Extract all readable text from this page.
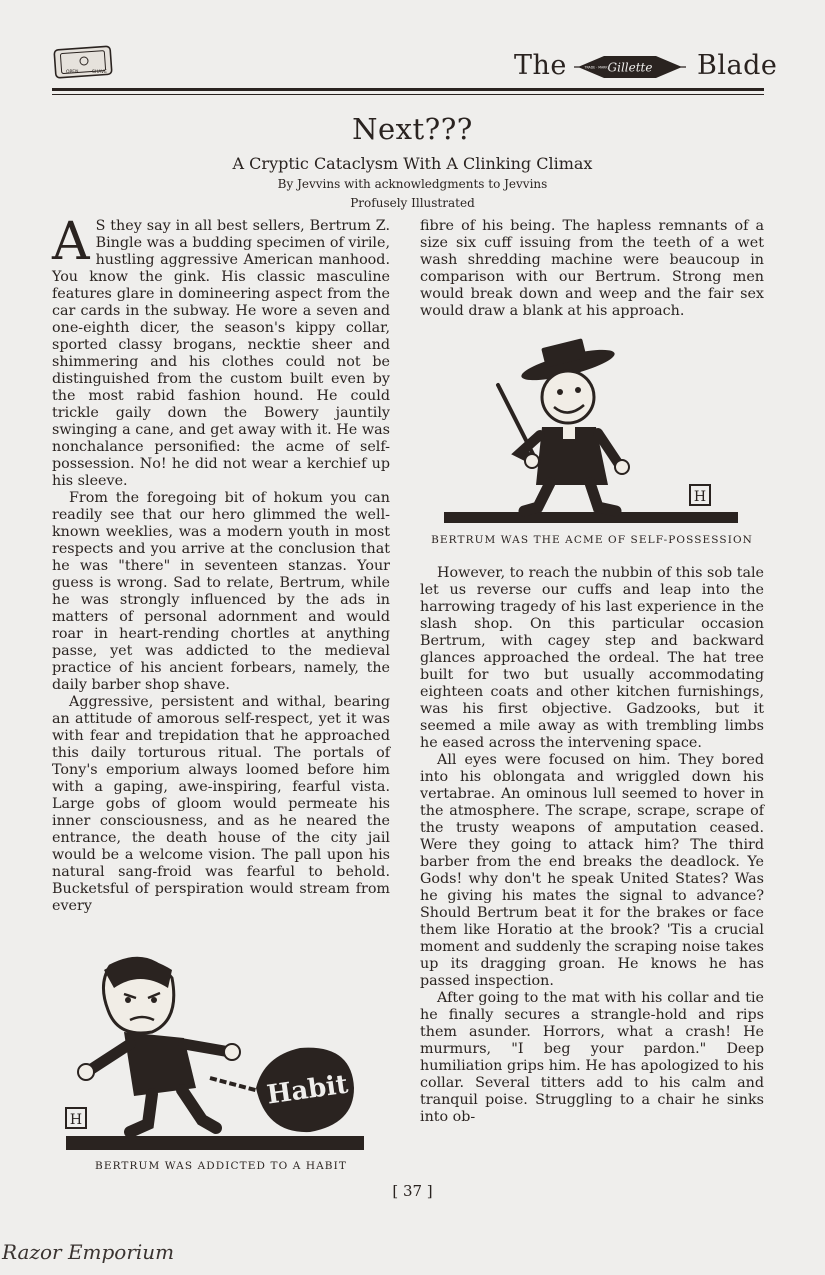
OPEN	SHAVE	The	Gillette
TRADE · MARK	Blade
Next???
A Cryptic Cataclysm With A Clinking Climax
By Jevvins with acknowledgments to Jevvins
Profusely Illustrated

A S they say in all best sellers, Bertrum Z. Bingle was a budding specimen of virile, hustling aggressive American manhood. You know the gink. His classic masculine features glare in domineering aspect from the car cards in the subway. He wore a seven and one-eighth dicer, the season's kippy collar, sported classy brogans, necktie sheer and shimmering and his clothes could not be distinguished from the custom built even by the most rabid fashion hound. He could trickle gaily down the Bowery jauntily swinging a cane, and get away with it. He was nonchalance personified: the acme of self-possession. No! he did not wear a kerchief up his sleeve.

From the foregoing bit of hokum you can readily see that our hero glimmed the well-known weeklies, was a modern youth in most respects and you arrive at the conclusion that he was "there" in seventeen stanzas. Your guess is wrong. Sad to relate, Bertrum, while he was strongly influenced by the ads in matters of personal adornment and would roar in heart-rending chortles at anything passe, yet was addicted to the medieval practice of his ancient forbears, namely, the daily barber shop shave.

Aggressive, persistent and withal, bearing an attitude of amorous self-respect, yet it was with fear and trepidation that he approached this daily torturous ritual. The portals of Tony's emporium always loomed before him with a gaping, awe-inspiring, fearful vista. Large gobs of gloom would permeate his inner consciousness, and as he neared the entrance, the death house of the city jail would be a welcome vision. The pall upon his natural sang-froid was fearful to behold. Bucketsful of perspiration would stream from every

fibre of his being. The hapless remnants of a size six cuff issuing from the teeth of a wet wash shredding machine were beaucoup in comparison with our Bertrum. Strong men would break down and weep and the fair sex would draw a blank at his approach.

H
BERTRUM WAS THE ACME OF SELF-POSSESSION

However, to reach the nubbin of this sob tale let us reverse our cuffs and leap into the harrowing tragedy of his last experience in the slash shop. On this particular occasion Bertrum, with cagey step and backward glances approached the ordeal. The hat tree built for two but usually accommodating eighteen coats and other kitchen furnishings, was his first objective. Gadzooks, but it seemed a mile away as with trembling limbs he eased across the intervening space.

All eyes were focused on him. They bored into his oblongata and wriggled down his vertabrae. An ominous lull seemed to hover in the atmosphere. The scrape, scrape, scrape of the trusty weapons of amputation ceased. Were they going to attack him? The third barber from the end breaks the deadlock. Ye Gods! why don't he speak United States? Was he giving his mates the signal to advance? Should Bertrum beat it for the brakes or face them like Horatio at the brook? 'Tis a crucial moment and suddenly the scraping noise takes up its dragging groan. He knows he has passed inspection.

After going to the mat with his collar and tie he finally secures a strangle-hold and rips them asunder. Horrors, what a crash! He murmurs, "I beg your pardon." Deep humiliation grips him. He has apologized to his collar. Several titters add to his calm and tranquil poise. Struggling to a chair he sinks into ob-

Habit
H
BERTRUM WAS ADDICTED TO A HABIT
[ 37 ]
Razor Emporium
